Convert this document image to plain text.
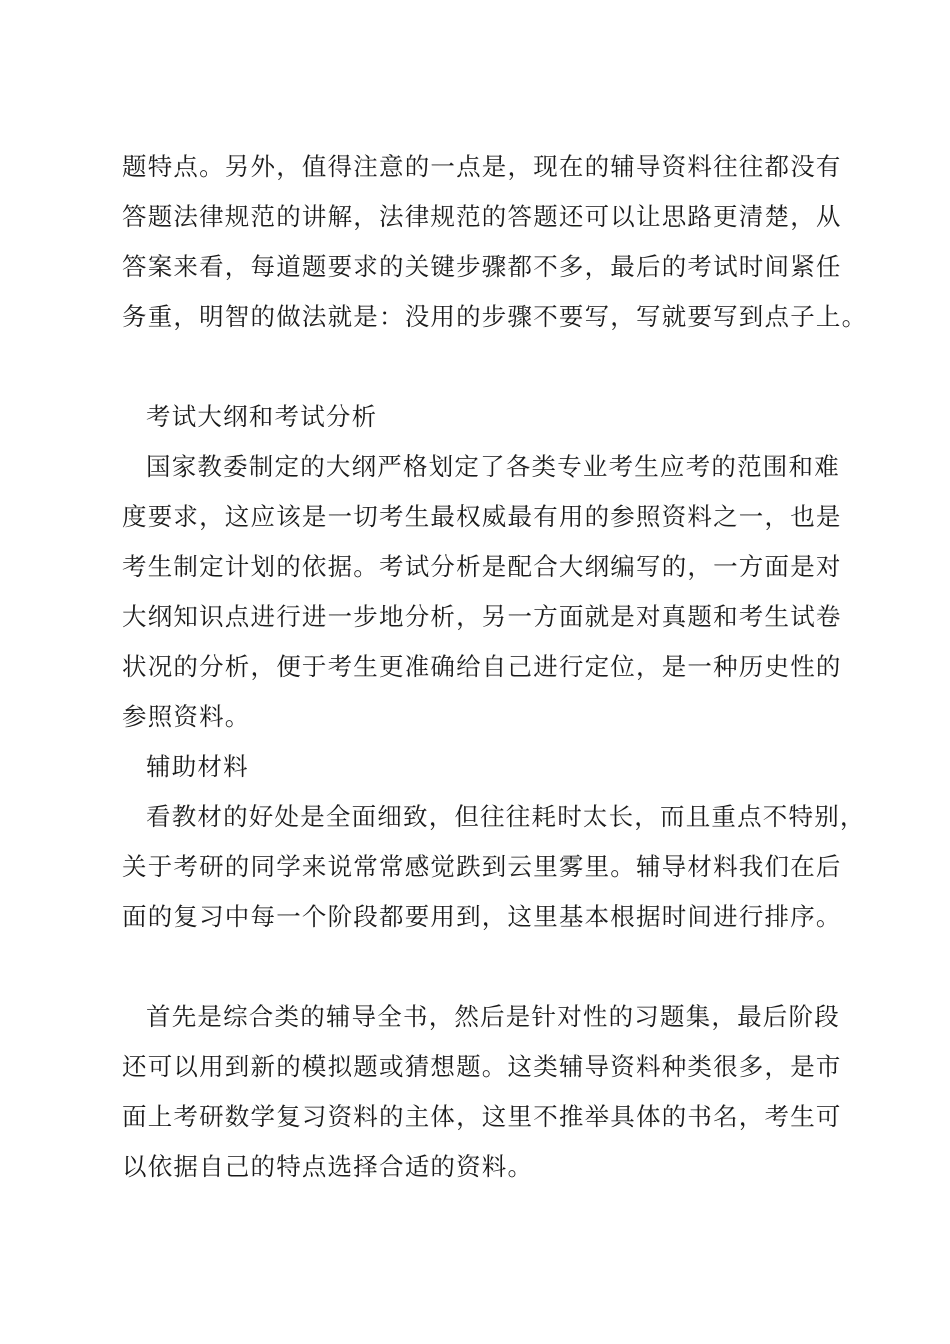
题特点。另外，值得注意的一点是，现在的辅导资料往往都没有
答题法律规范的讲解，法律规范的答题还可以让思路更清楚，从
答案来看，每道题要求的关键步骤都不多，最后的考试时间紧任
务重，明智的做法就是：没用的步骤不要写，写就要写到点子上。
考试大纲和考试分析
国家教委制定的大纲严格划定了各类专业考生应考的范围和难
度要求，这应该是一切考生最权威最有用的参照资料之一，也是
考生制定计划的依据。考试分析是配合大纲编写的，一方面是对
大纲知识点进行进一步地分析，另一方面就是对真题和考生试卷
状况的分析，便于考生更准确给自己进行定位，是一种历史性的
参照资料。
辅助材料
看教材的好处是全面细致，但往往耗时太长，而且重点不特别，
关于考研的同学来说常常感觉跌到云里雾里。辅导材料我们在后
面的复习中每一个阶段都要用到，这里基本根据时间进行排序。
首先是综合类的辅导全书，然后是针对性的习题集，最后阶段
还可以用到新的模拟题或猜想题。这类辅导资料种类很多，是市
面上考研数学复习资料的主体，这里不推举具体的书名，考生可
以依据自己的特点选择合适的资料。
